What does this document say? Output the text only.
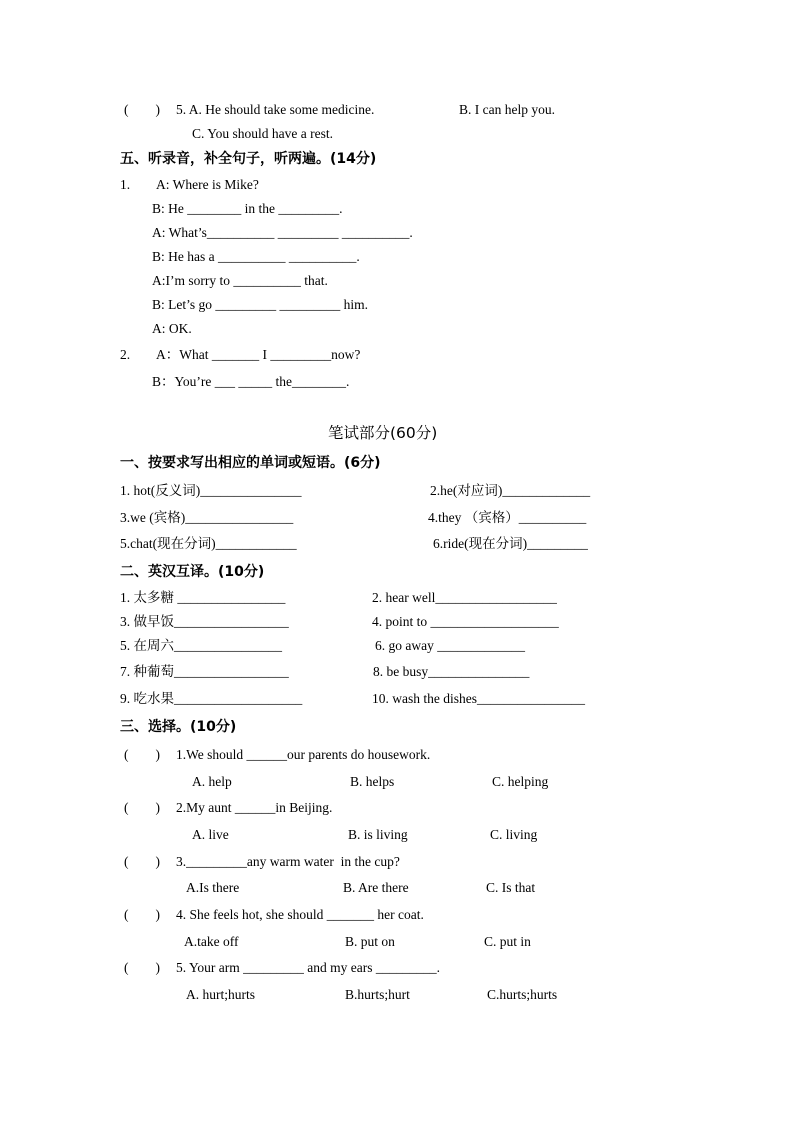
(　　) 5. A. He should take some medicine.	B. I can help you.
C. You should have a rest.
五、听录音，补全句子，听两遍。(14分)
1. A: Where is Mike?
B: He ________ in the _________.
A: What’s__________ _________ __________.
B: He has a __________ __________.
A:I’m sorry to __________ that.
B: Let’s go _________ _________ him.
A: OK.
2. A：What _______ I _________now?
B：You’re ___ _____ the________.
笔试部分(60分)
一、按要求写出相应的单词或短语。(6分)
1. hot(反义词)_______________	2.he(对应词)_____________
3.we (宾格)________________	4.they （宾格）__________
5.chat(现在分词)____________	6.ride(现在分词)_________
二、英汉互译。(10分)
1. 太多糖 ________________	2. hear well__________________
3. 做早饭_________________	4. point to ___________________
5. 在周六________________	6. go away _____________
7. 种葡萄_________________	8. be busy_______________
9. 吃水果___________________	10. wash the dishes________________
三、选择。(10分)
(　　) 1.We should ______our parents do housework.
A. help	B. helps	C. helping
(　　) 2.My aunt ______in Beijing.
A. live	B. is living	C. living
(　　) 3._________any warm water  in the cup?
A.Is there	B. Are there	C. Is that
(　　) 4. She feels hot, she should _______ her coat.
A.take off	B. put on	C. put in
(　　) 5. Your arm _________ and my ears _________.
A. hurt;hurts	B.hurts;hurt	C.hurts;hurts
